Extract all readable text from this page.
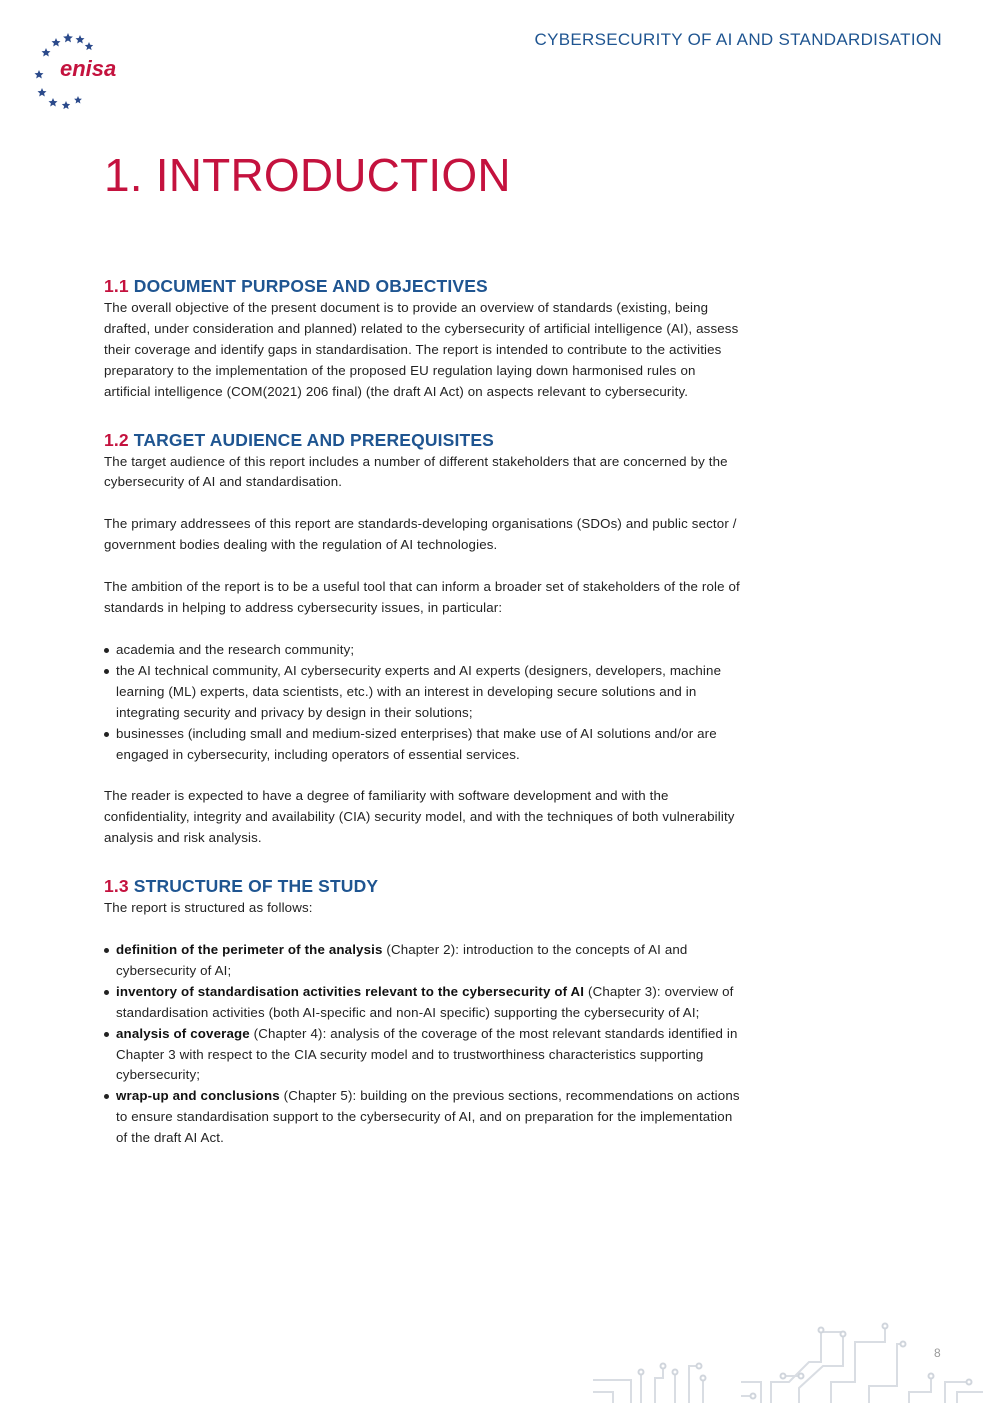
enisa
CYBERSECURITY OF AI AND STANDARDISATION
1. INTRODUCTION
1.1 DOCUMENT PURPOSE AND OBJECTIVES

The overall objective of the present document is to provide an overview of standards (existing, being drafted, under consideration and planned) related to the cybersecurity of artificial intelligence (AI), assess their coverage and identify gaps in standardisation. The report is intended to contribute to the activities preparatory to the implementation of the proposed EU regulation laying down harmonised rules on artificial intelligence (COM(2021) 206 final) (the draft AI Act) on aspects relevant to cybersecurity.

1.2 TARGET AUDIENCE AND PREREQUISITES

The target audience of this report includes a number of different stakeholders that are concerned by the cybersecurity of AI and standardisation.

The primary addressees of this report are standards-developing organisations (SDOs) and public sector / government bodies dealing with the regulation of AI technologies.

The ambition of the report is to be a useful tool that can inform a broader set of stakeholders of the role of standards in helping to address cybersecurity issues, in particular:

academia and the research community;
the AI technical community, AI cybersecurity experts and AI experts (designers, developers, machine learning (ML) experts, data scientists, etc.) with an interest in developing secure solutions and in integrating security and privacy by design in their solutions;
businesses (including small and medium-sized enterprises) that make use of AI solutions and/or are engaged in cybersecurity, including operators of essential services.

The reader is expected to have a degree of familiarity with software development and with the confidentiality, integrity and availability (CIA) security model, and with the techniques of both vulnerability analysis and risk analysis.

1.3 STRUCTURE OF THE STUDY

The report is structured as follows:

definition of the perimeter of the analysis (Chapter 2): introduction to the concepts of AI and cybersecurity of AI;
inventory of standardisation activities relevant to the cybersecurity of AI (Chapter 3): overview of standardisation activities (both AI-specific and non-AI specific) supporting the cybersecurity of AI;
analysis of coverage (Chapter 4): analysis of the coverage of the most relevant standards identified in Chapter 3 with respect to the CIA security model and to trustworthiness characteristics supporting cybersecurity;
wrap-up and conclusions (Chapter 5): building on the previous sections, recommendations on actions to ensure standardisation support to the cybersecurity of AI, and on preparation for the implementation of the draft AI Act.
8
